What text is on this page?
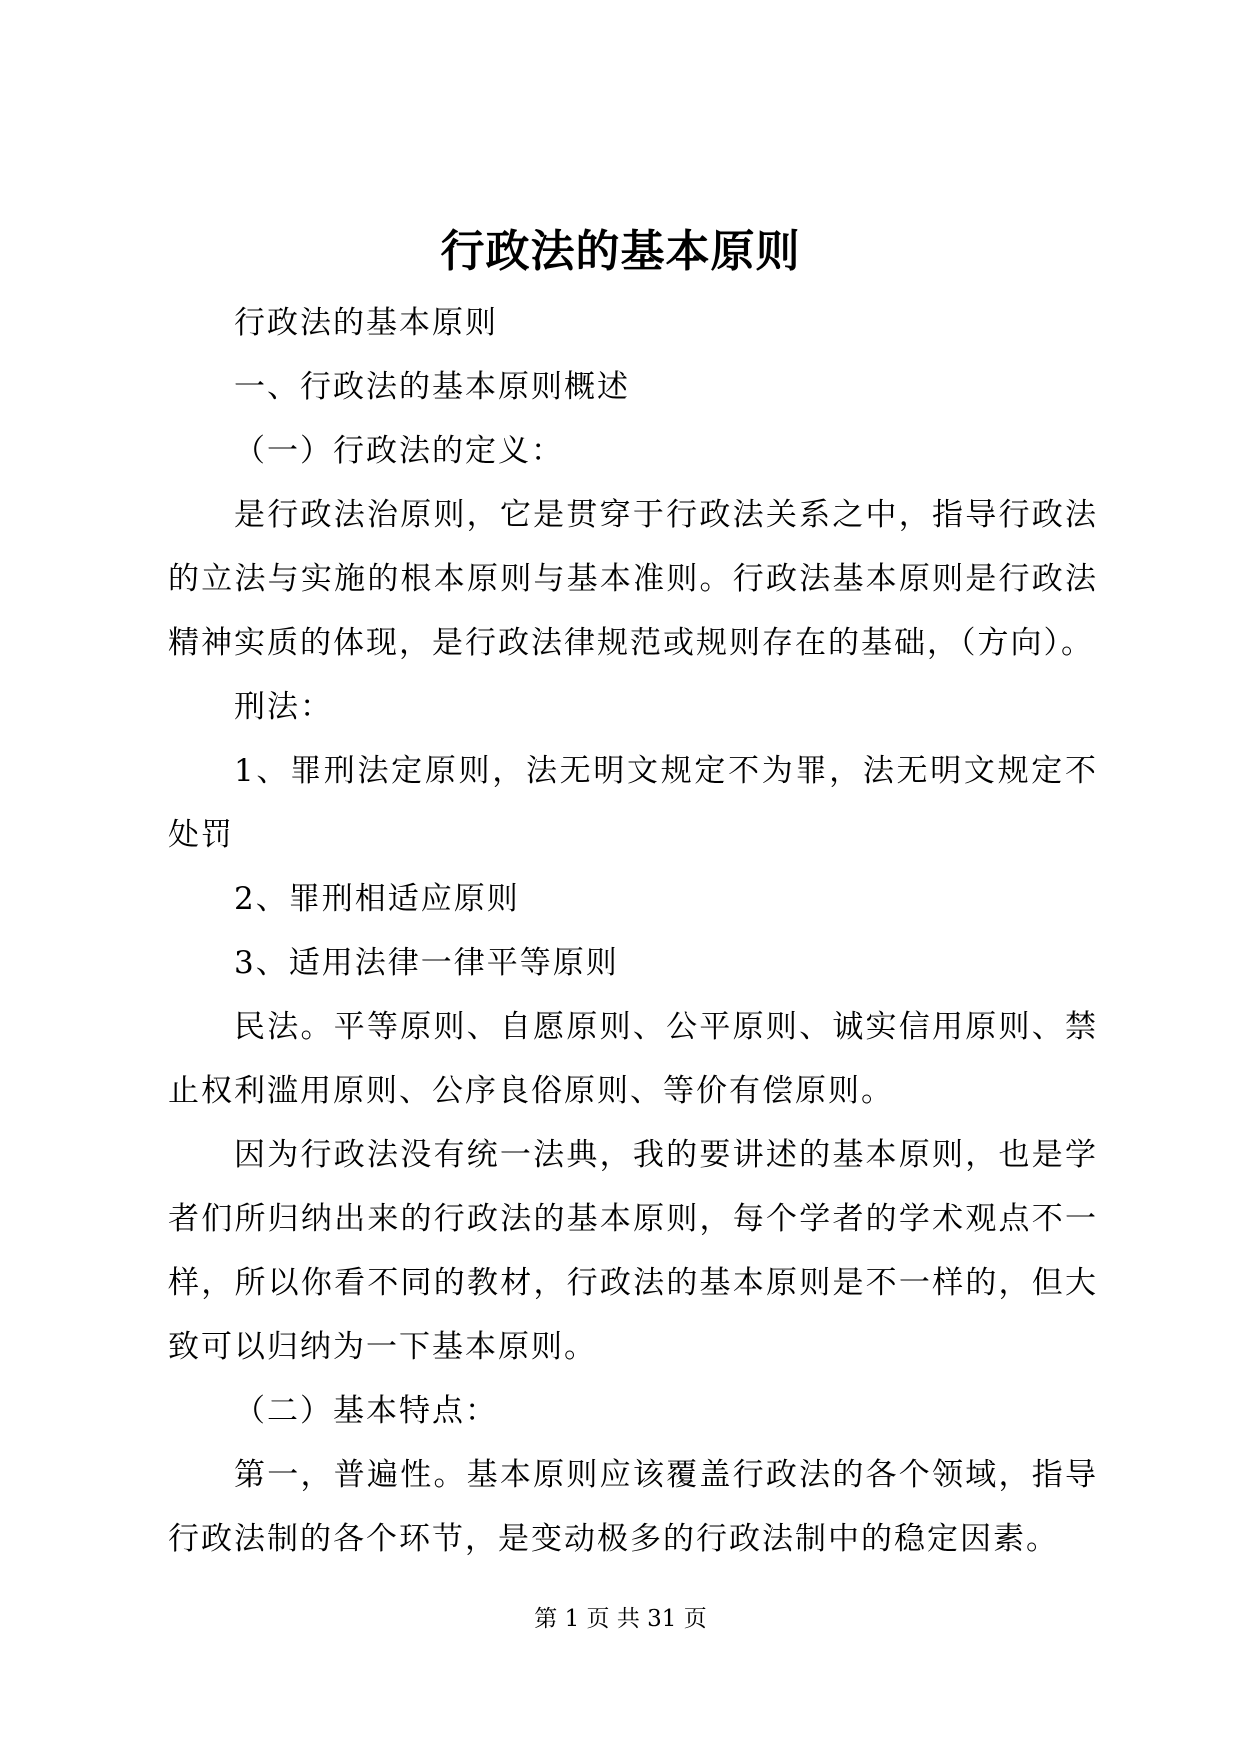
行政法的基本原则

行政法的基本原则

一、行政法的基本原则概述

（一）行政法的定义：

是行政法治原则，它是贯穿于行政法关系之中，指导行政法的立法与实施的根本原则与基本准则。行政法基本原则是行政法精神实质的体现，是行政法律规范或规则存在的基础，（方向）。

刑法：

1、罪刑法定原则，法无明文规定不为罪，法无明文规定不处罚

2、罪刑相适应原则

3、适用法律一律平等原则

民法。平等原则、自愿原则、公平原则、诚实信用原则、禁止权利滥用原则、公序良俗原则、等价有偿原则。

因为行政法没有统一法典，我的要讲述的基本原则，也是学者们所归纳出来的行政法的基本原则，每个学者的学术观点不一样，所以你看不同的教材，行政法的基本原则是不一样的，但大致可以归纳为一下基本原则。

（二）基本特点：

第一，普遍性。基本原则应该覆盖行政法的各个领域，指导行政法制的各个环节，是变动极多的行政法制中的稳定因素。

第 1 页 共 31 页
